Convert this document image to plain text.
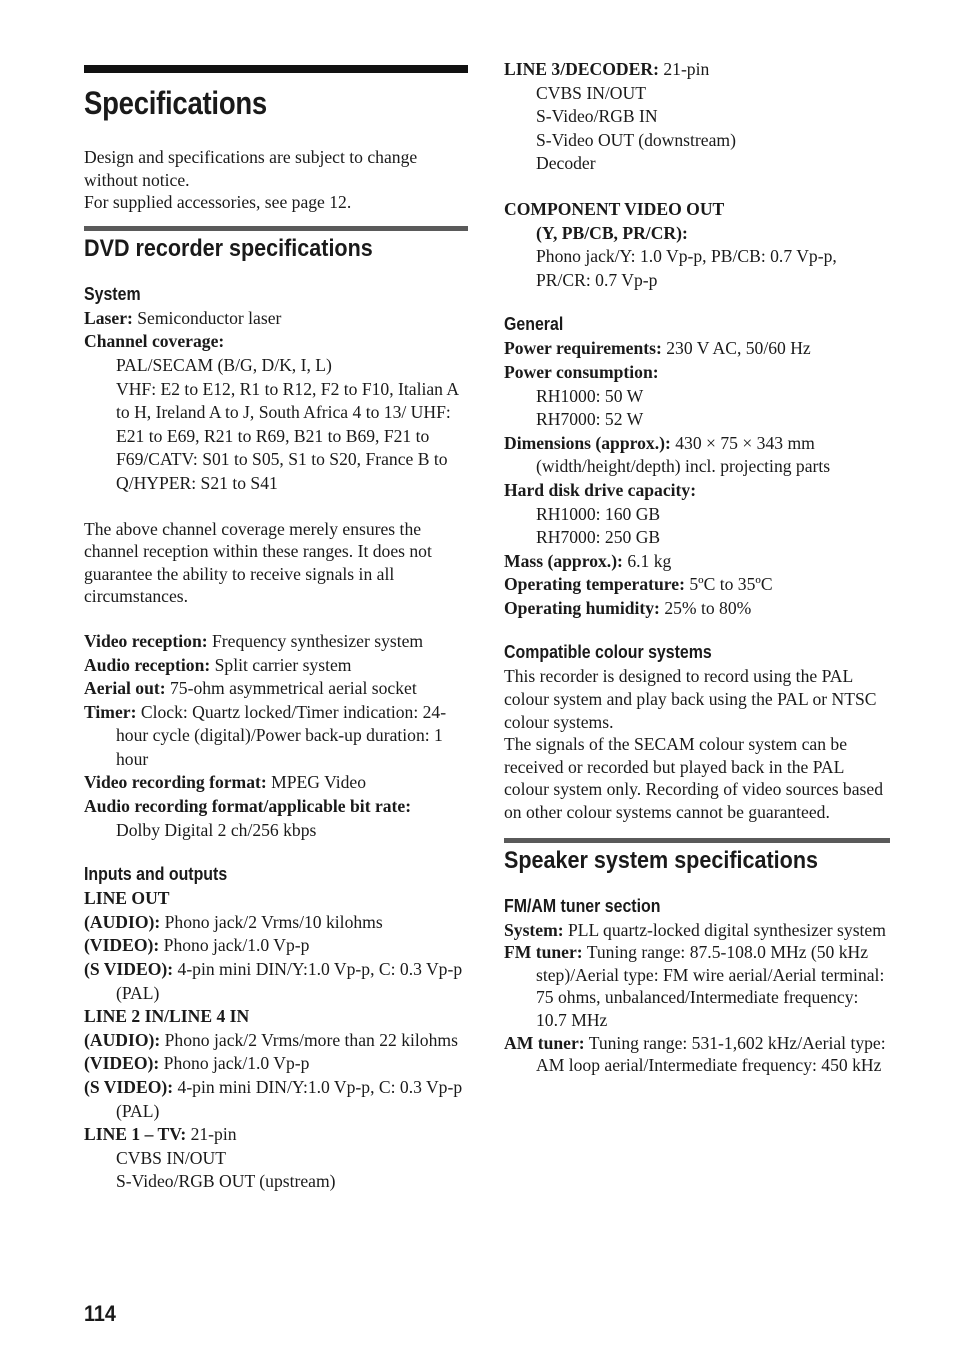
Specifications

Design and specifications are subject to change without notice.

For supplied accessories, see page 12.

DVD recorder specifications
System

Laser: Semiconductor laser

Channel coverage:

PAL/SECAM (B/G, D/K, I, L)

VHF: E2 to E12, R1 to R12, F2 to F10, Italian A to H, Ireland A to J, South Africa 4 to 13/ UHF: E21 to E69, R21 to R69, B21 to B69, F21 to F69/CATV: S01 to S05, S1 to S20, France B to Q/HYPER: S21 to S41

The above channel coverage merely ensures the channel reception within these ranges. It does not guarantee the ability to receive signals in all circumstances.

Video reception: Frequency synthesizer system

Audio reception: Split carrier system

Aerial out: 75-ohm asymmetrical aerial socket

Timer: Clock: Quartz locked/Timer indication: 24-hour cycle (digital)/Power back-up duration: 1 hour

Video recording format: MPEG Video

Audio recording format/applicable bit rate:

Dolby Digital 2 ch/256 kbps

Inputs and outputs

LINE OUT

(AUDIO): Phono jack/2 Vrms/10 kilohms

(VIDEO): Phono jack/1.0 Vp-p

(S VIDEO): 4-pin mini DIN/Y:1.0 Vp-p, C: 0.3 Vp-p (PAL)

LINE 2 IN/LINE 4 IN

(AUDIO): Phono jack/2 Vrms/more than 22 kilohms

(VIDEO): Phono jack/1.0 Vp-p

(S VIDEO): 4-pin mini DIN/Y:1.0 Vp-p, C: 0.3 Vp-p (PAL)

LINE 1 – TV: 21-pin

CVBS IN/OUT

S-Video/RGB OUT (upstream)

LINE 3/DECODER: 21-pin

CVBS IN/OUT

S-Video/RGB IN

S-Video OUT (downstream)

Decoder

COMPONENT VIDEO OUT

(Y, PB/CB, PR/CR):

Phono jack/Y: 1.0 Vp-p, PB/CB: 0.7 Vp-p, PR/CR: 0.7 Vp-p

General

Power requirements: 230 V AC, 50/60 Hz

Power consumption:

RH1000: 50 W

RH7000: 52 W

Dimensions (approx.): 430 × 75 × 343 mm (width/height/depth) incl. projecting parts

Hard disk drive capacity:

RH1000: 160 GB

RH7000: 250 GB

Mass (approx.): 6.1 kg

Operating temperature: 5ºC to 35ºC

Operating humidity: 25% to 80%

Compatible colour systems

This recorder is designed to record using the PAL colour system and play back using the PAL or NTSC colour systems.

The signals of the SECAM colour system can be received or recorded but played back in the PAL colour system only. Recording of video sources based on other colour systems cannot be guaranteed.

Speaker system specifications
FM/AM tuner section

System: PLL quartz-locked digital synthesizer system

FM tuner: Tuning range: 87.5-108.0 MHz (50 kHz step)/Aerial type: FM wire aerial/Aerial terminal: 75 ohms, unbalanced/Intermediate frequency: 10.7 MHz

AM tuner: Tuning range: 531-1,602 kHz/Aerial type: AM loop aerial/Intermediate frequency: 450 kHz

114
